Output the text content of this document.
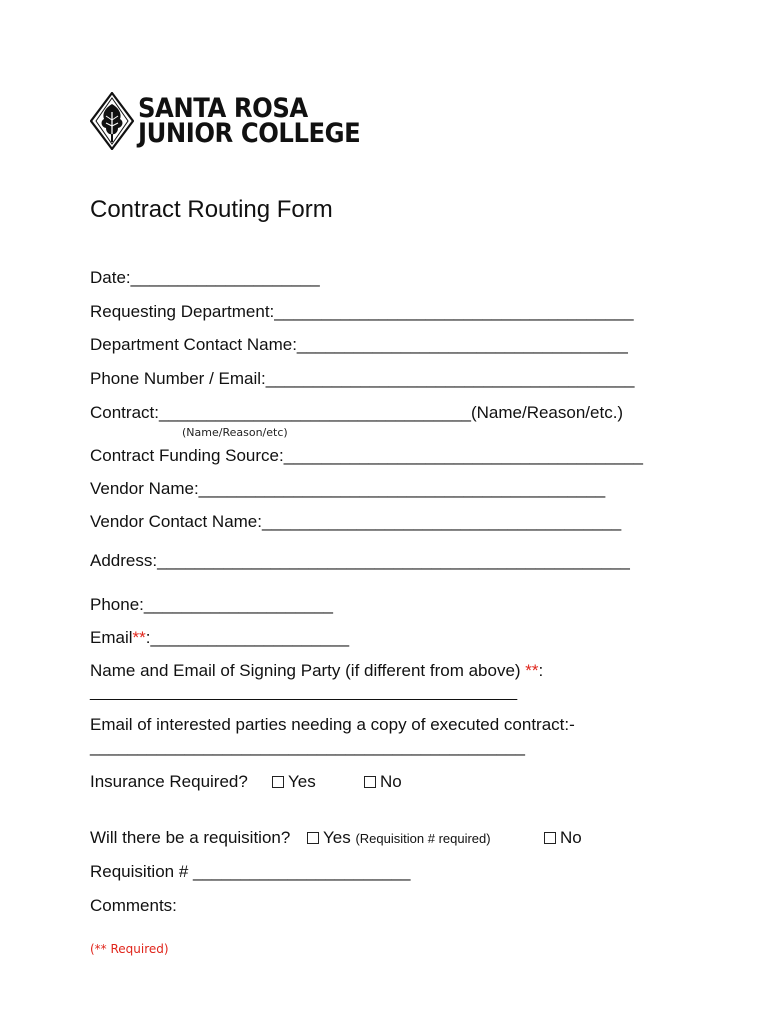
SANTA ROSA
JUNIOR COLLEGE
Contract Routing Form
Date:____________________
Requesting Department:______________________________________
Department Contact Name:___________________________________
Phone Number / Email:_______________________________________
Contract:_________________________________(Name/Reason/etc.)
(Name/Reason/etc)
Contract Funding Source:______________________________________
Vendor Name:___________________________________________
Vendor Contact Name:______________________________________
Address:__________________________________________________
Phone:____________________
Email**:_____________________
Name and Email of Signing Party (if different from above) **:
________________________________________________
Email of interested parties needing a copy of executed contract:-
______________________________________________
Insurance Required?	Yes	No
Will there be a requisition?	Yes (Requisition # required)	No
Requisition # _______________________
Comments:
(** Required)
